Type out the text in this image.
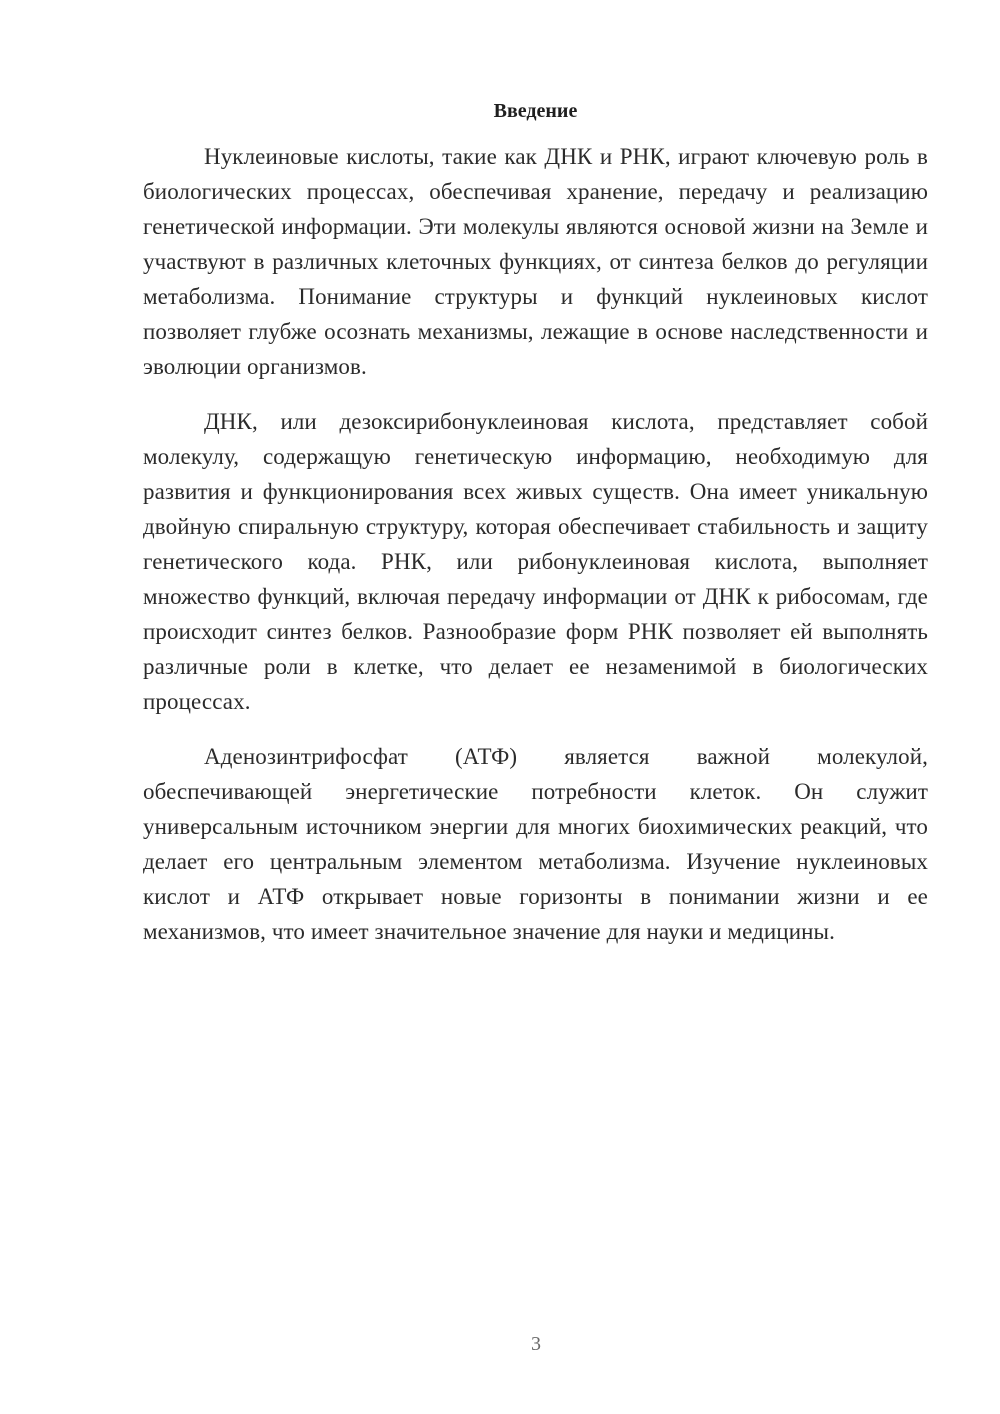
Введение

Нуклеиновые кислоты, такие как ДНК и РНК, играют ключевую роль в биологических процессах, обеспечивая хранение, передачу и реализацию генетической информации. Эти молекулы являются основой жизни на Земле и участвуют в различных клеточных функциях, от синтеза белков до регуляции метаболизма. Понимание структуры и функций нуклеиновых кислот позволяет глубже осознать механизмы, лежащие в основе наследственности и эволюции организмов.

ДНК, или дезоксирибонуклеиновая кислота, представляет собой молекулу, содержащую генетическую информацию, необходимую для развития и функционирования всех живых существ. Она имеет уникальную двойную спиральную структуру, которая обеспечивает стабильность и защиту генетического кода. РНК, или рибонуклеиновая кислота, выполняет множество функций, включая передачу информации от ДНК к рибосомам, где происходит синтез белков. Разнообразие форм РНК позволяет ей выполнять различные роли в клетке, что делает ее незаменимой в биологических процессах.

Аденозинтрифосфат (АТФ) является важной молекулой, обеспечивающей энергетические потребности клеток. Он служит универсальным источником энергии для многих биохимических реакций, что делает его центральным элементом метаболизма. Изучение нуклеиновых кислот и АТФ открывает новые горизонты в понимании жизни и ее механизмов, что имеет значительное значение для науки и медицины.

3
